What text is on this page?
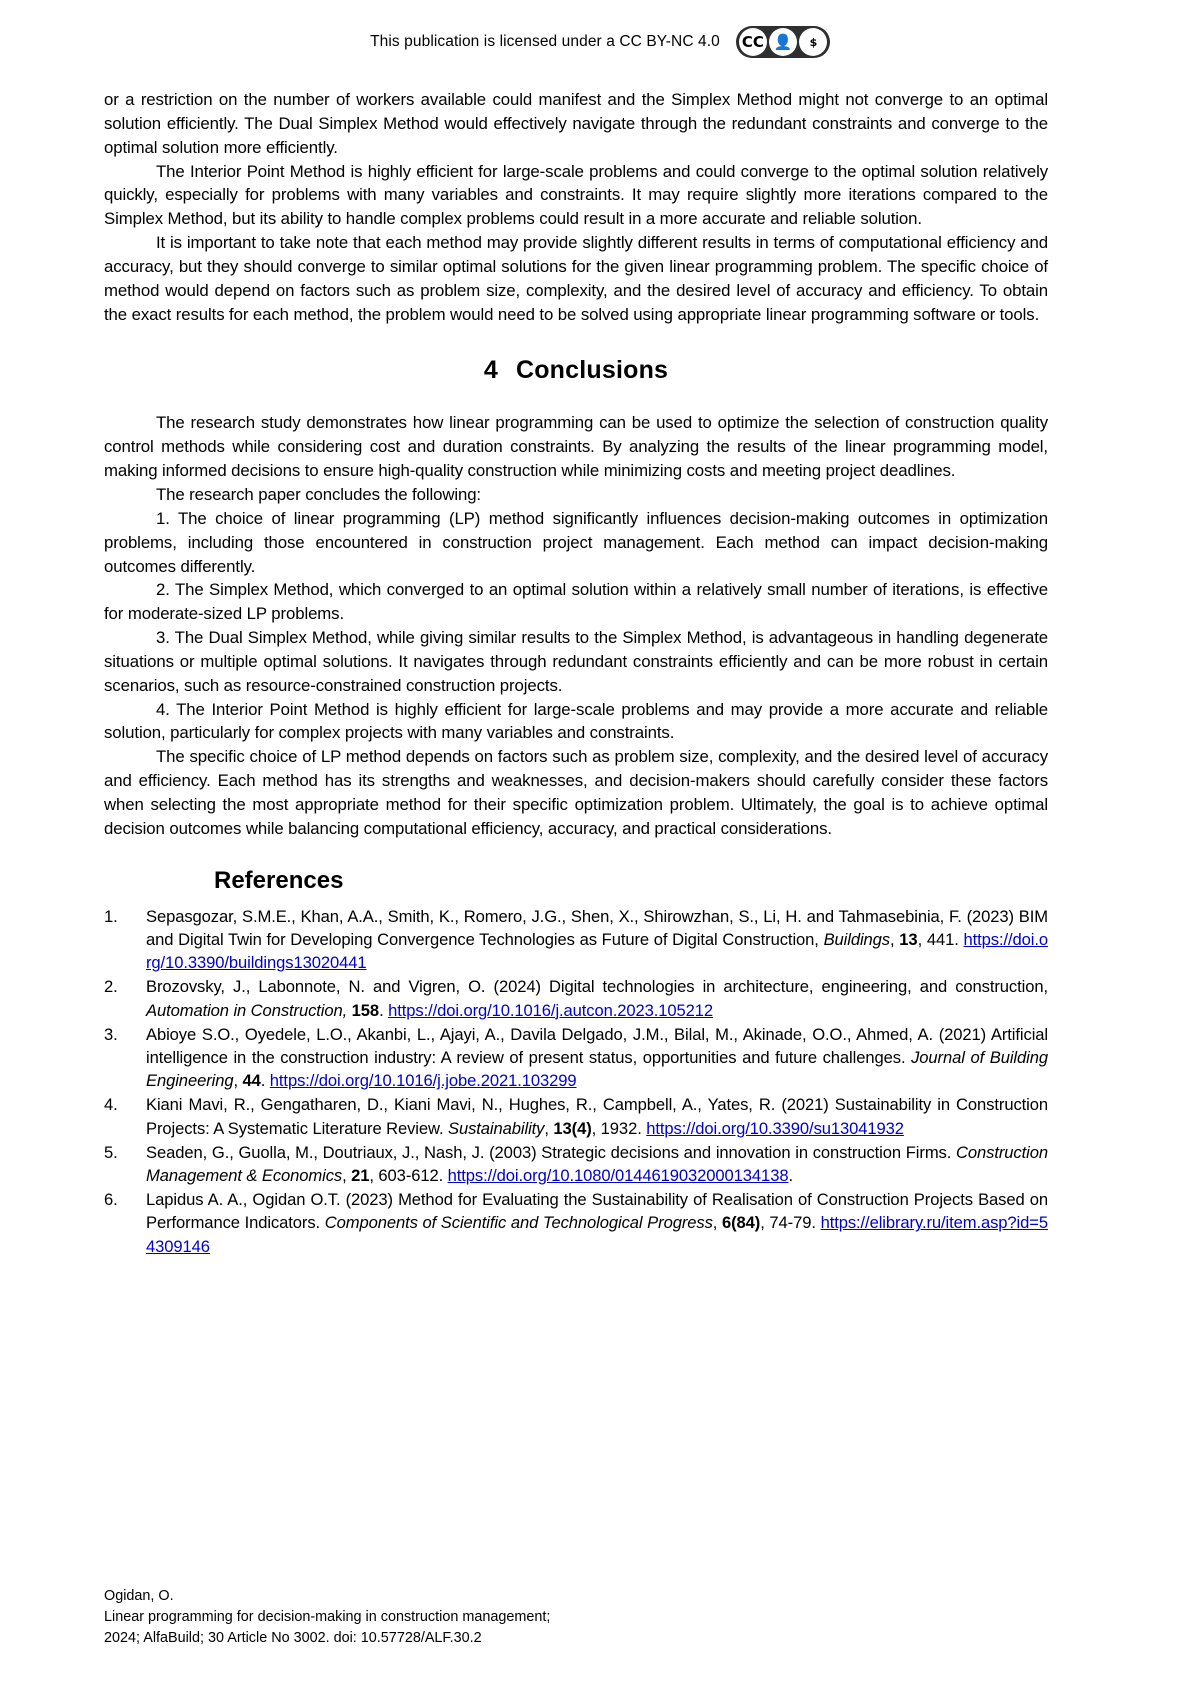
This publication is licensed under a CC BY-NC 4.0 CC 👤	$

or a restriction on the number of workers available could manifest and the Simplex Method might not converge to an optimal solution efficiently. The Dual Simplex Method would effectively navigate through the redundant constraints and converge to the optimal solution more efficiently.

The Interior Point Method is highly efficient for large-scale problems and could converge to the optimal solution relatively quickly, especially for problems with many variables and constraints. It may require slightly more iterations compared to the Simplex Method, but its ability to handle complex problems could result in a more accurate and reliable solution.

It is important to take note that each method may provide slightly different results in terms of computational efficiency and accuracy, but they should converge to similar optimal solutions for the given linear programming problem. The specific choice of method would depend on factors such as problem size, complexity, and the desired level of accuracy and efficiency. To obtain the exact results for each method, the problem would need to be solved using appropriate linear programming software or tools.

4 Conclusions

The research study demonstrates how linear programming can be used to optimize the selection of construction quality control methods while considering cost and duration constraints. By analyzing the results of the linear programming model, making informed decisions to ensure high-quality construction while minimizing costs and meeting project deadlines.

The research paper concludes the following:

1. The choice of linear programming (LP) method significantly influences decision-making outcomes in optimization problems, including those encountered in construction project management. Each method can impact decision-making outcomes differently.

2. The Simplex Method, which converged to an optimal solution within a relatively small number of iterations, is effective for moderate-sized LP problems.

3. The Dual Simplex Method, while giving similar results to the Simplex Method, is advantageous in handling degenerate situations or multiple optimal solutions. It navigates through redundant constraints efficiently and can be more robust in certain scenarios, such as resource-constrained construction projects.

4. The Interior Point Method is highly efficient for large-scale problems and may provide a more accurate and reliable solution, particularly for complex projects with many variables and constraints.

The specific choice of LP method depends on factors such as problem size, complexity, and the desired level of accuracy and efficiency. Each method has its strengths and weaknesses, and decision-makers should carefully consider these factors when selecting the most appropriate method for their specific optimization problem. Ultimately, the goal is to achieve optimal decision outcomes while balancing computational efficiency, accuracy, and practical considerations.

References
1.	Sepasgozar, S.M.E., Khan, A.A., Smith, K., Romero, J.G., Shen, X., Shirowzhan, S., Li, H. and Tahmasebinia, F. (2023) BIM and Digital Twin for Developing Convergence Technologies as Future of Digital Construction, Buildings, 13, 441. https://doi.org/10.3390/buildings13020441
2.	Brozovsky, J., Labonnote, N. and Vigren, O. (2024) Digital technologies in architecture, engineering, and construction, Automation in Construction, 158. https://doi.org/10.1016/j.autcon.2023.105212
3.	Abioye S.O., Oyedele, L.O., Akanbi, L., Ajayi, A., Davila Delgado, J.M., Bilal, M., Akinade, O.O., Ahmed, A. (2021) Artificial intelligence in the construction industry: A review of present status, opportunities and future challenges. Journal of Building Engineering, 44. https://doi.org/10.1016/j.jobe.2021.103299
4.	Kiani Mavi, R., Gengatharen, D., Kiani Mavi, N., Hughes, R., Campbell, A., Yates, R. (2021) Sustainability in Construction Projects: A Systematic Literature Review. Sustainability, 13(4), 1932. https://doi.org/10.3390/su13041932
5.	Seaden, G., Guolla, M., Doutriaux, J., Nash, J. (2003) Strategic decisions and innovation in construction Firms. Construction Management & Economics, 21, 603-612. https://doi.org/10.1080/0144619032000134138.
6.	Lapidus A. A., Ogidan O.T. (2023) Method for Evaluating the Sustainability of Realisation of Construction Projects Based on Performance Indicators. Components of Scientific and Technological Progress, 6(84), 74-79. https://elibrary.ru/item.asp?id=54309146
Ogidan, O.
Linear programming for decision-making in construction management;
2024; AlfaBuild; 30 Article No 3002. doi: 10.57728/ALF.30.2
